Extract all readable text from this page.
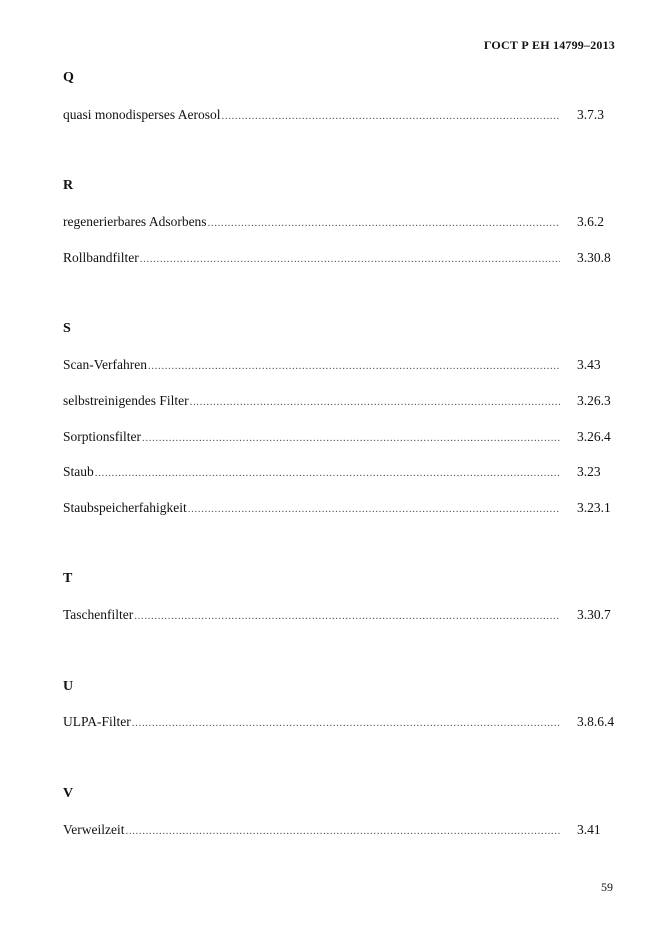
ГОСТ Р ЕН 14799–2013
Q
quasi monodisperses Aerosol .....	3.7.3
R
regenerierbares Adsorbens .....	3.6.2
Rollbandfilter .....	3.30.8
S
Scan-Verfahren .....	3.43
selbstreinigendes Filter .....	3.26.3
Sorptionsfilter .....	3.26.4
Staub .....	3.23
Staubspeicherfahigkeit .....	3.23.1
T
Taschenfilter .....	3.30.7
U
ULPA-Filter .....	3.8.6.4
V
Verweilzeit .....	3.41
59
